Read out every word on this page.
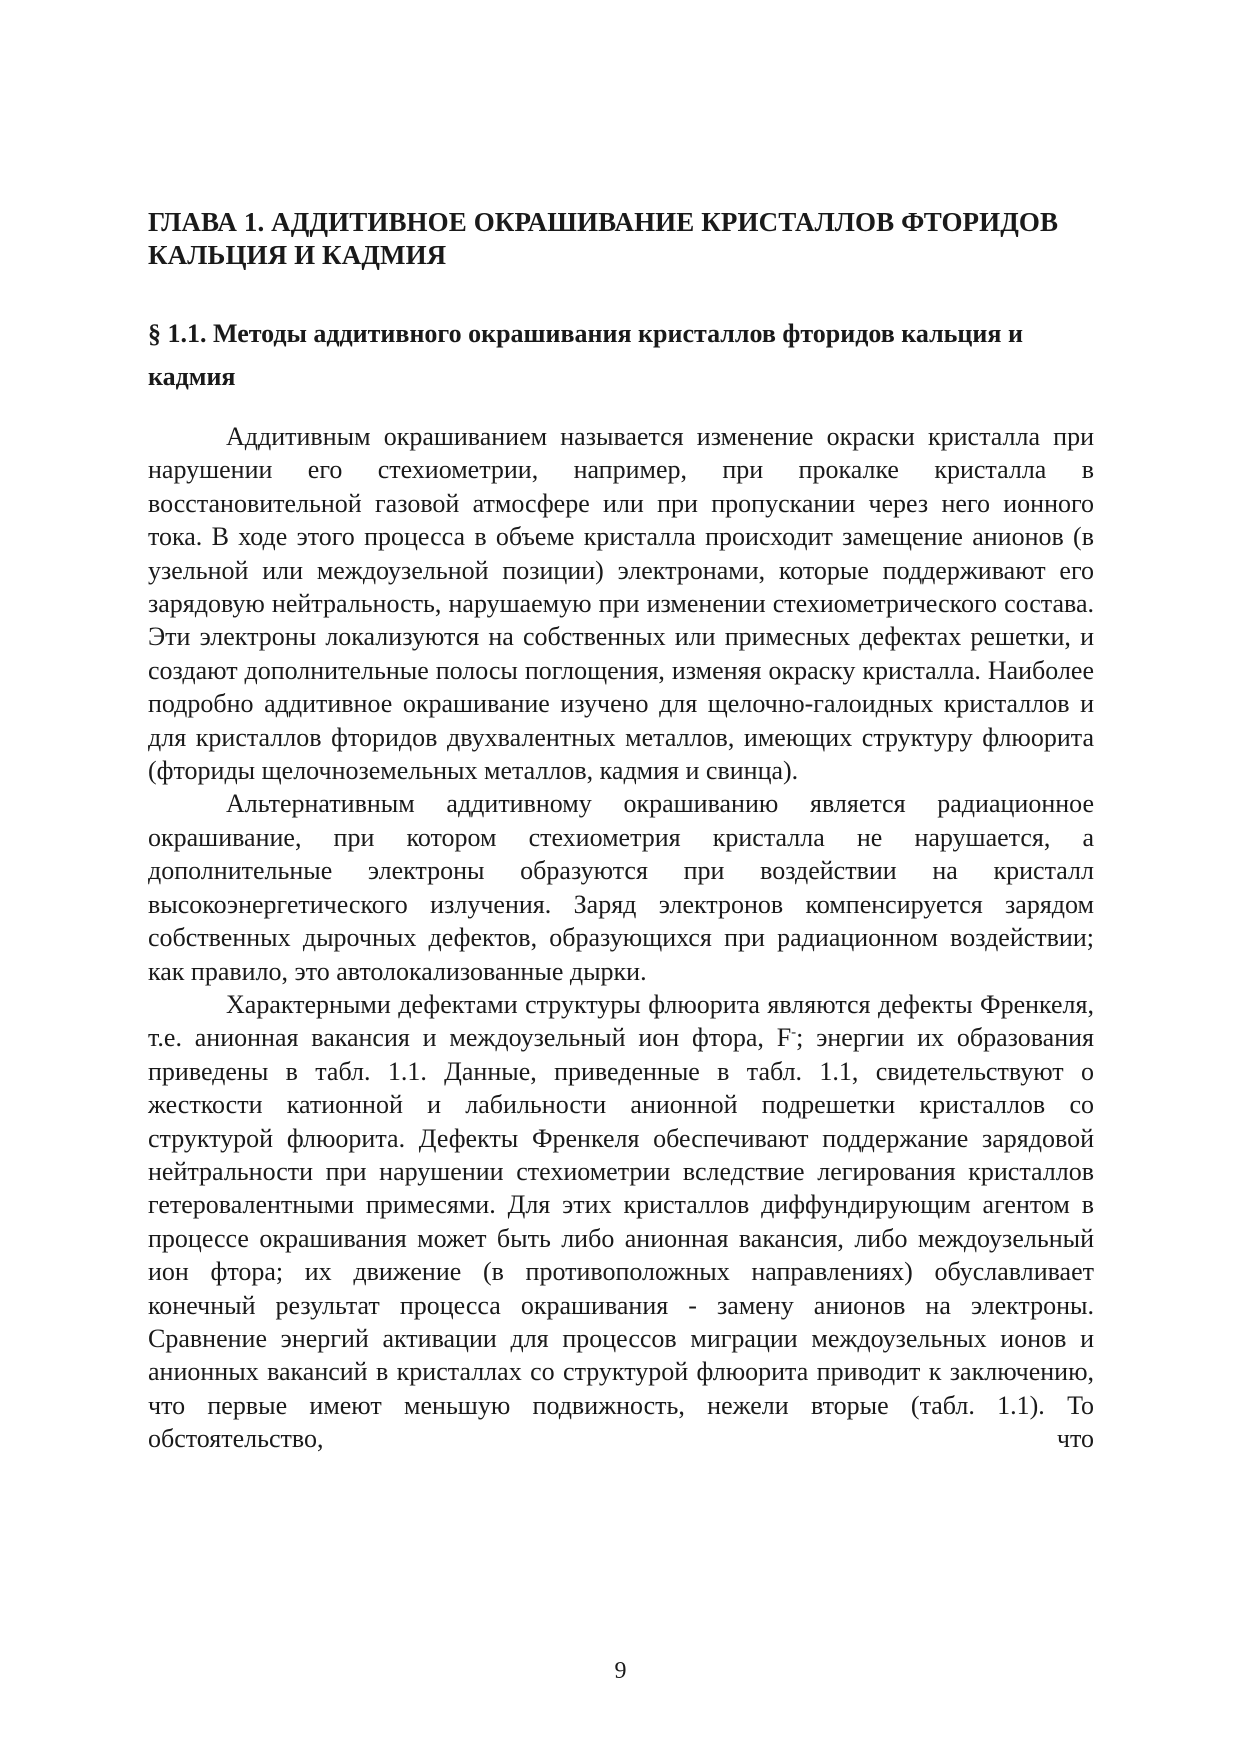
ГЛАВА 1. АДДИТИВНОЕ ОКРАШИВАНИЕ КРИСТАЛЛОВ ФТОРИДОВ КАЛЬЦИЯ И КАДМИЯ
§ 1.1. Методы аддитивного окрашивания кристаллов фторидов кальция и кадмия

Аддитивным окрашиванием называется изменение окраски кристалла при нарушении его стехиометрии, например, при прокалке кристалла в восстановительной газовой атмосфере или при пропускании через него ионного тока. В ходе этого процесса в объеме кристалла происходит замещение анионов (в узельной или междоузельной позиции) электронами, которые поддерживают его зарядовую нейтральность, нарушаемую при изменении стехиометрического состава. Эти электроны локализуются на собственных или примесных дефектах решетки, и создают дополнительные полосы поглощения, изменяя окраску кристалла. Наиболее подробно аддитивное окрашивание изучено для щелочно-галоидных кристаллов и для кристаллов фторидов двухвалентных металлов, имеющих структуру флюорита (фториды щелочноземельных металлов, кадмия и свинца).

Альтернативным аддитивному окрашиванию является радиационное окрашивание, при котором стехиометрия кристалла не нарушается, а дополнительные электроны образуются при воздействии на кристалл высокоэнергетического излучения. Заряд электронов компенсируется зарядом собственных дырочных дефектов, образующихся при радиационном воздействии; как правило, это автолокализованные дырки.

Характерными дефектами структуры флюорита являются дефекты Френкеля, т.е. анионная вакансия и междоузельный ион фтора, F-; энергии их образования приведены в табл. 1.1. Данные, приведенные в табл. 1.1, свидетельствуют о жесткости катионной и лабильности анионной подрешетки кристаллов со структурой флюорита. Дефекты Френкеля обеспечивают поддержание зарядовой нейтральности при нарушении стехиометрии вследствие легирования кристаллов гетеровалентными примесями. Для этих кристаллов диффундирующим агентом в процессе окрашивания может быть либо анионная вакансия, либо междоузельный ион фтора; их движение (в противоположных направлениях) обуславливает конечный результат процесса окрашивания - замену анионов на электроны. Сравнение энергий активации для процессов миграции междоузельных ионов и анионных вакансий в кристаллах со структурой флюорита приводит к заключению, что первые имеют меньшую подвижность, нежели вторые (табл. 1.1). То обстоятельство, что

9
